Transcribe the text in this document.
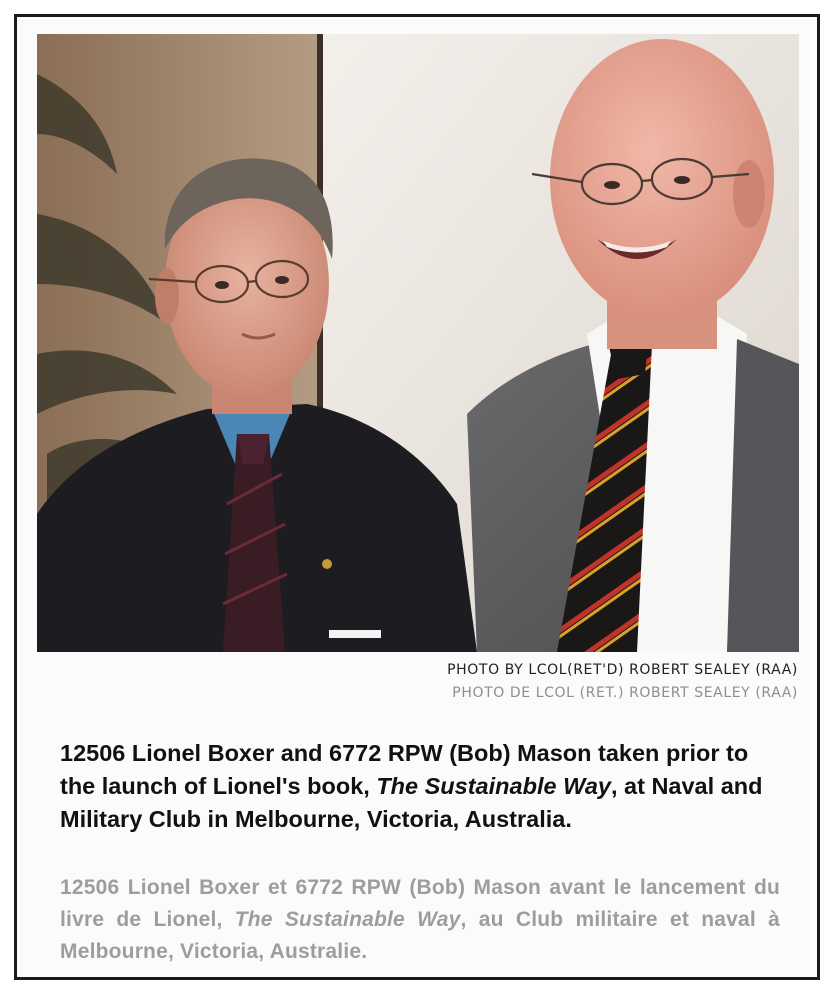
PHOTO BY LCOL(RET'D) ROBERT SEALEY (RAA)
PHOTO DE LCOL (RET.) ROBERT SEALEY (RAA)
12506 Lionel Boxer and 6772 RPW (Bob) Mason taken prior to the launch of Lionel's book, The Sustainable Way, at Naval and Military Club in Melbourne, Victoria, Australia.
12506 Lionel Boxer et 6772 RPW (Bob) Mason avant le lancement du livre de Lionel, The Sustainable Way, au Club militaire et naval à Melbourne, Victoria, Australie.
